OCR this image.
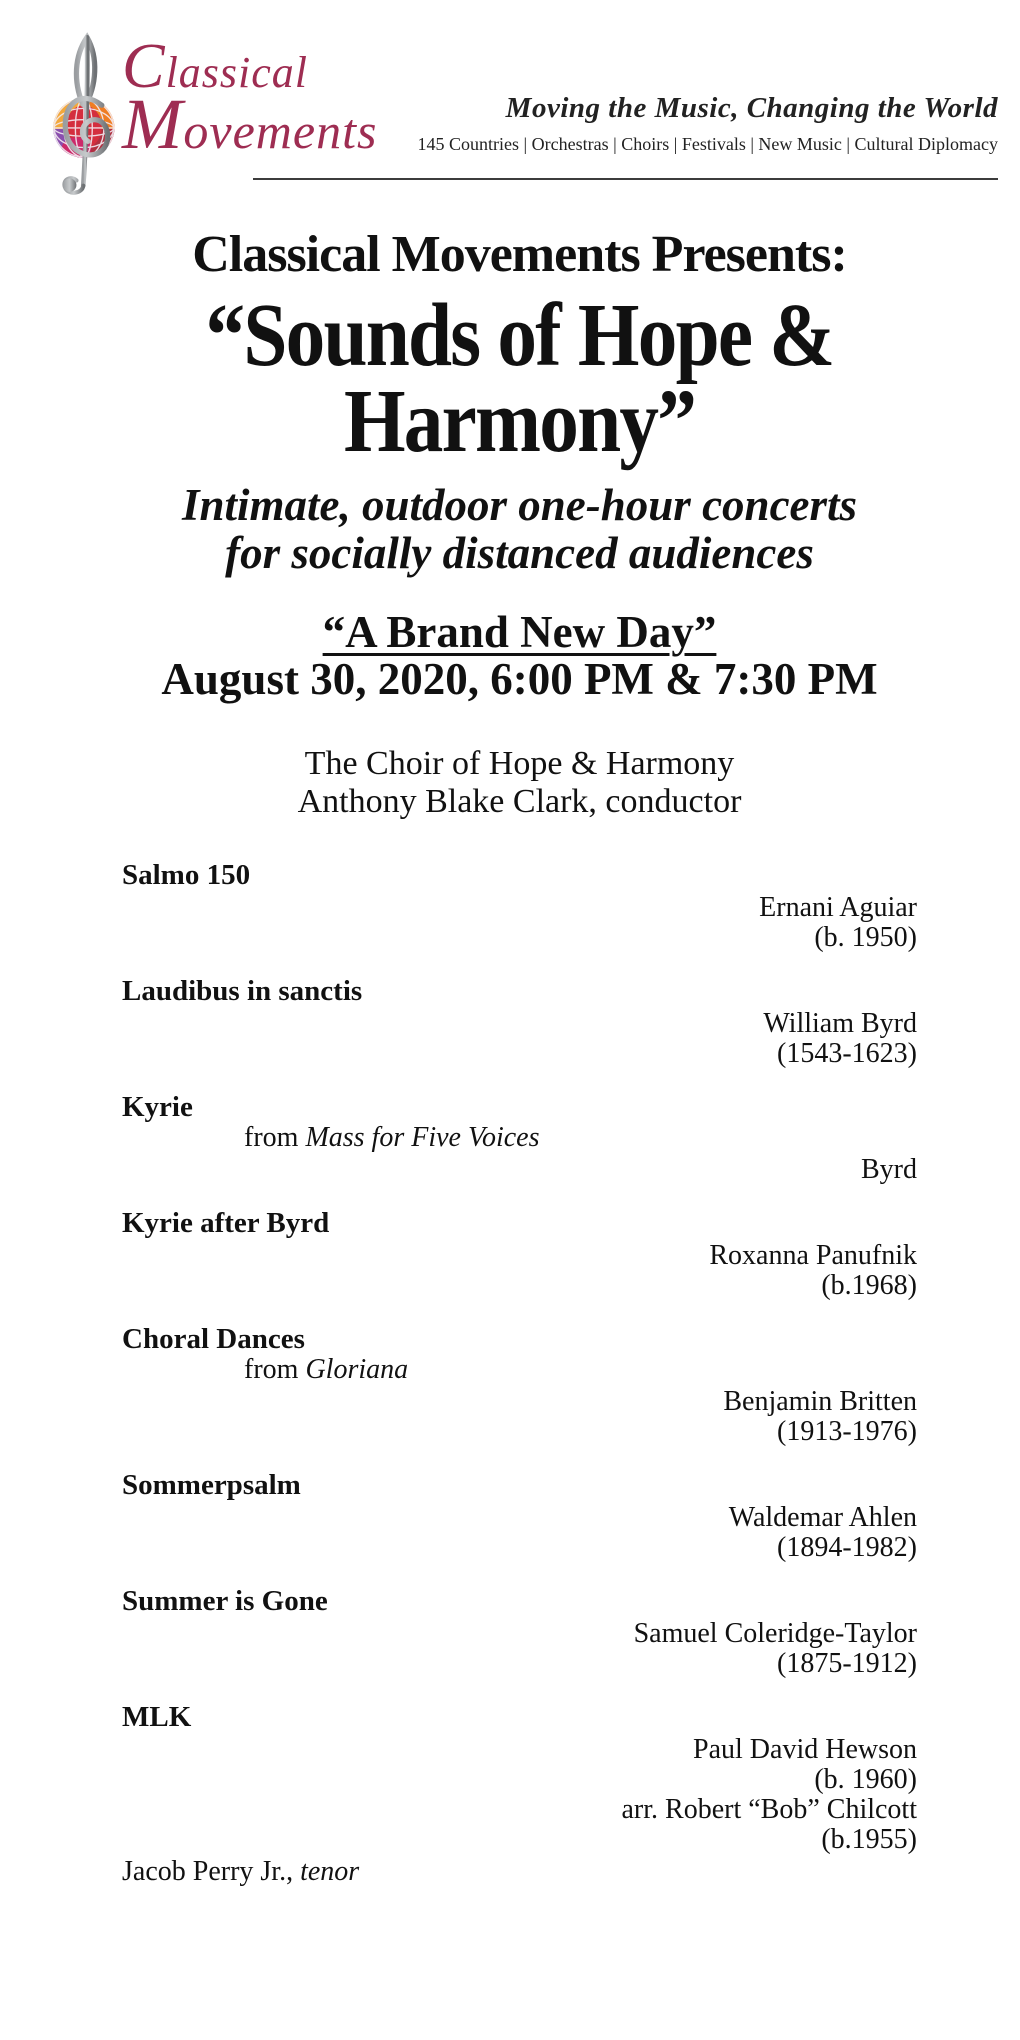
Classical
Movements	Moving the Music, Changing the World
145 Countries | Orchestras | Choirs | Festivals | New Music | Cultural Diplomacy
Classical Movements Presents:
“Sounds of Hope &
Harmony”
Intimate, outdoor one-hour concerts
for socially distanced audiences
“A Brand New Day”
August 30, 2020, 6:00 PM & 7:30 PM
The Choir of Hope & Harmony
Anthony Blake Clark, conductor
Salmo 150
Ernani Aguiar
(b. 1950)
Laudibus in sanctis
William Byrd
(1543-1623)
Kyrie
from Mass for Five Voices
Byrd
Kyrie after Byrd
Roxanna Panufnik
(b.1968)
Choral Dances
from Gloriana
Benjamin Britten
(1913-1976)
Sommerpsalm
Waldemar Ahlen
(1894-1982)
Summer is Gone
Samuel Coleridge-Taylor
(1875-1912)
MLK
Paul David Hewson
(b. 1960)
arr. Robert “Bob” Chilcott
(b.1955)
Jacob Perry Jr., tenor
